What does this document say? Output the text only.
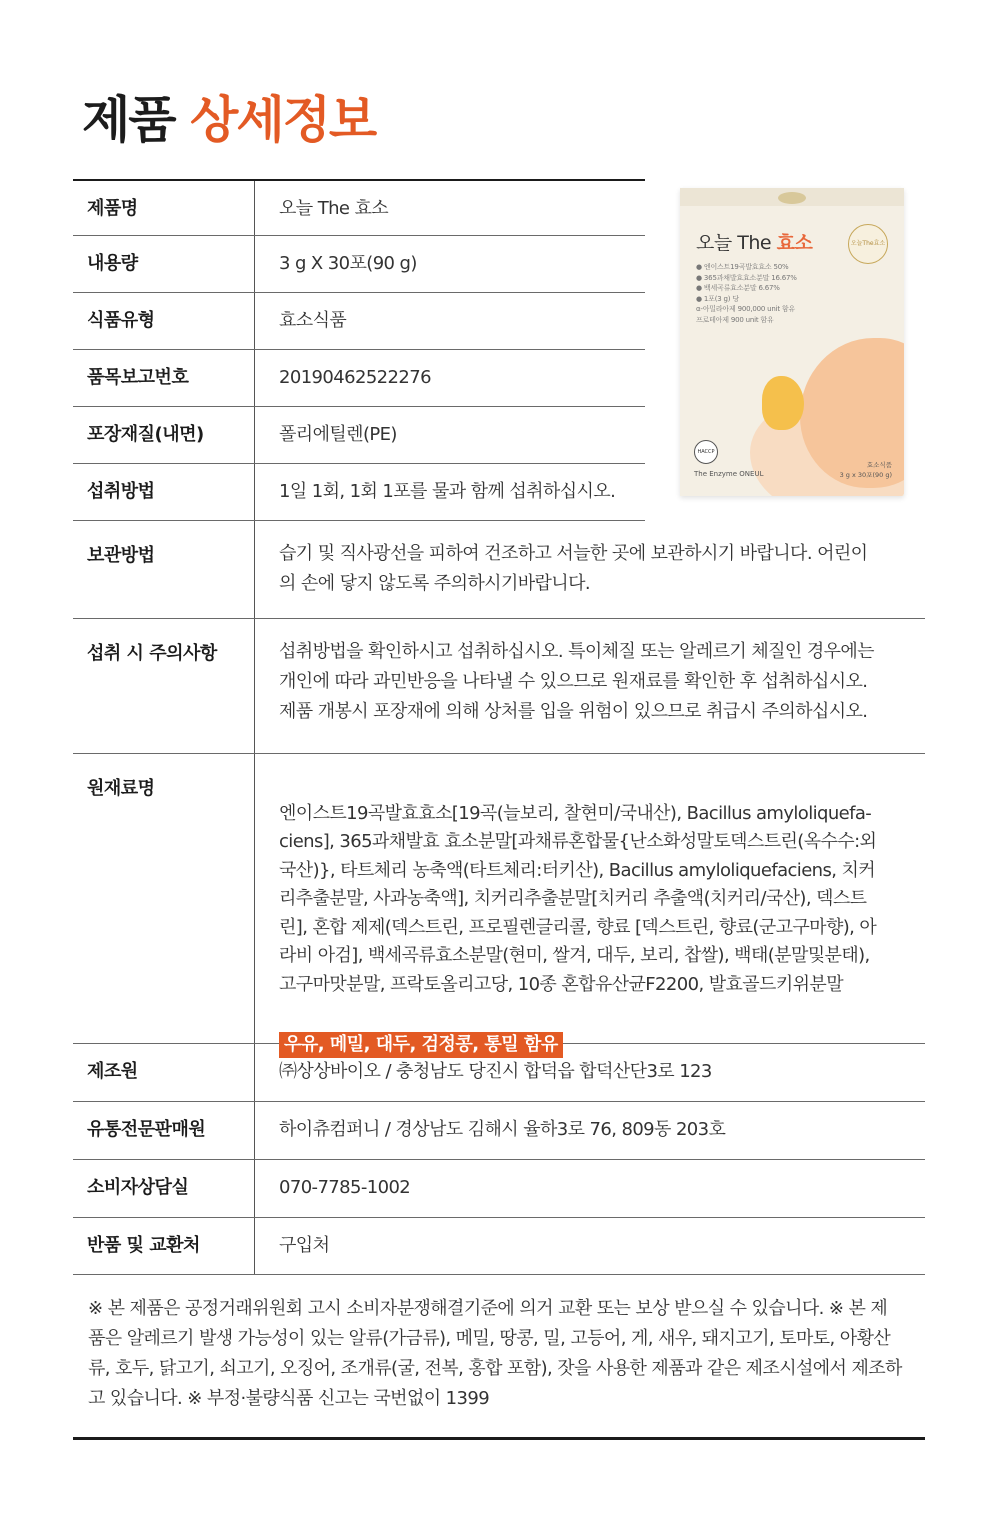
제품 상세정보
제품명	오늘 The 효소
내용량	3 g X 30포(90 g)
식품유형	효소식품
품목보고번호	20190462522276
포장재질(내면)	폴리에틸렌(PE)
섭취방법	1일 1회, 1회 1포를 물과 함께 섭취하십시오.
보관방법	습기 및 직사광선을 피하여 건조하고 서늘한 곳에 보관하시기 바랍니다. 어린이
의 손에 닿지 않도록 주의하시기바랍니다.
섭취 시 주의사항	섭취방법을 확인하시고 섭취하십시오. 특이체질 또는 알레르기 체질인 경우에는
개인에 따라 과민반응을 나타낼 수 있으므로 원재료를 확인한 후 섭취하십시오.
제품 개봉시 포장재에 의해 상처를 입을 위험이 있으므로 취급시 주의하십시오.
원재료명

엔이스트19곡발효효소[19곡(늘보리, 찰현미/국내산), Bacillus amyloliquefa-
ciens], 365과채발효 효소분말[과채류혼합물{난소화성말토덱스트린(옥수수:외
국산)}, 타트체리 농축액(타트체리:터키산), Bacillus amyloliquefaciens, 치커
리추출분말, 사과농축액], 치커리추출분말[치커리 추출액(치커리/국산), 덱스트
린], 혼합 제제(덱스트린, 프로필렌글리콜, 향료 [덱스트린, 향료(군고구마향), 아
라비 아검], 백세곡류효소분말(현미, 쌀겨, 대두, 보리, 찹쌀), 백태(분말및분태),
고구마맛분말, 프락토올리고당, 10종 혼합유산균F2200, 발효골드키위분말

우유, 메밀, 대두, 검정콩, 통밀 함유

제조원	㈜상상바이오 / 충청남도 당진시 합덕읍 합덕산단3로 123
유통전문판매원	하이츄컴퍼니 / 경상남도 김해시 율하3로 76, 809동 203호
소비자상담실	070-7785-1002
반품 및 교환처	구입처
오늘 The 효소	오늘The효소
● 엔이스트19곡발효효소 50%
● 365과채발효효소분말 16.67%
● 백세곡류효소분말 6.67%
● 1포(3 g) 당
α-아밀라아제 900,000 unit 함유
프로테아제 900 unit 함유
HACCP
The Enzyme ONEUL
효소식품
3 g x 30포(90 g)
※ 본 제품은 공정거래위원회 고시 소비자분쟁해결기준에 의거 교환 또는 보상 받으실 수 있습니다. ※ 본 제
품은 알레르기 발생 가능성이 있는 알류(가금류), 메밀, 땅콩, 밀, 고등어, 게, 새우, 돼지고기, 토마토, 아황산
류, 호두, 닭고기, 쇠고기, 오징어, 조개류(굴, 전복, 홍합 포함), 잣을 사용한 제품과 같은 제조시설에서 제조하
고 있습니다. ※ 부정·불량식품 신고는 국번없이 1399
